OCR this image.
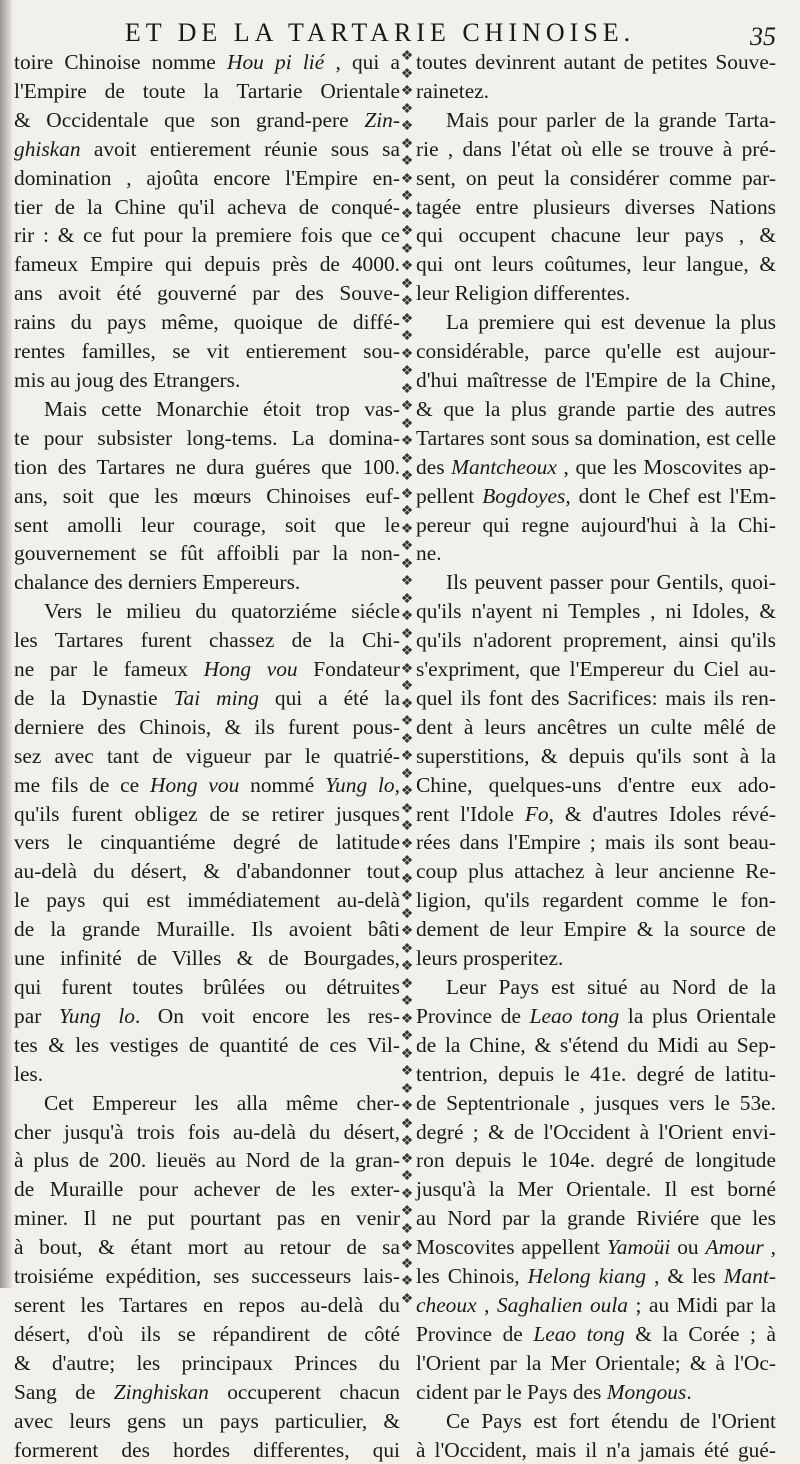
ET DE LA TARTARIE CHINOISE.	35
toire Chinoise nomme Hou pi lié , qui a
l'Empire de toute la Tartarie Orientale
& Occidentale que son grand-pere Zin-
ghiskan avoit entierement réunie sous sa
domination , ajoûta encore l'Empire en-
tier de la Chine qu'il acheva de conqué-
rir : & ce fut pour la premiere fois que ce
fameux Empire qui depuis près de 4000.
ans avoit été gouverné par des Souve-
rains du pays même, quoique de diffé-
rentes familles, se vit entierement sou-
mis au joug des Etrangers.
Mais cette Monarchie étoit trop vas-
te pour subsister long-tems. La domina-
tion des Tartares ne dura guéres que 100.
ans, soit que les mœurs Chinoises euf-
sent amolli leur courage, soit que le
gouvernement se fût affoibli par la non-
chalance des derniers Empereurs.
Vers le milieu du quatorziéme siécle
les Tartares furent chassez de la Chi-
ne par le fameux Hong vou Fondateur
de la Dynastie Tai ming qui a été la
derniere des Chinois, & ils furent pous-
sez avec tant de vigueur par le quatrié-
me fils de ce Hong vou nommé Yung lo,
qu'ils furent obligez de se retirer jusques
vers le cinquantiéme degré de latitude
au-delà du désert, & d'abandonner tout
le pays qui est immédiatement au-delà
de la grande Muraille. Ils avoient bâti
une infinité de Villes & de Bourgades,
qui furent toutes brûlées ou détruites
par Yung lo. On voit encore les res-
tes & les vestiges de quantité de ces Vil-
les.
Cet Empereur les alla même cher-
cher jusqu'à trois fois au-delà du désert,
à plus de 200. lieuës au Nord de la gran-
de Muraille pour achever de les exter-
miner. Il ne put pourtant pas en venir
à bout, & étant mort au retour de sa
troisiéme expédition, ses successeurs lais-
serent les Tartares en repos au-delà du
désert, d'où ils se répandirent de côté
& d'autre; les principaux Princes du
Sang de Zinghiskan occuperent chacun
avec leurs gens un pays particulier, &
formerent des hordes differentes, qui
❖
❖
❖
❖
❖
❖
❖
❖
❖
❖
❖
❖
❖
❖
❖
❖
❖
❖
❖
❖
❖
❖
❖
❖
❖
❖
❖
❖
❖
❖
❖
❖
❖
❖
❖
❖
❖
❖
❖
❖
❖
❖
❖
❖
❖
❖
❖
❖
❖
❖
❖
❖
❖
❖
❖
❖
❖
❖
❖
❖
❖
❖
❖
❖
❖
❖
❖
❖
❖
❖
❖
❖

toutes devinrent autant de petites Souve-
rainetez.
Mais pour parler de la grande Tarta-
rie , dans l'état où elle se trouve à pré-
sent, on peut la considérer comme par-
tagée entre plusieurs diverses Nations
qui occupent chacune leur pays , &
qui ont leurs coûtumes, leur langue, &
leur Religion differentes.
La premiere qui est devenue la plus
considérable, parce qu'elle est aujour-
d'hui maîtresse de l'Empire de la Chine,
& que la plus grande partie des autres
Tartares sont sous sa domination, est celle
des Mantcheoux , que les Moscovites ap-
pellent Bogdoyes, dont le Chef est l'Em-
pereur qui regne aujourd'hui à la Chi-
ne.
Ils peuvent passer pour Gentils, quoi-
qu'ils n'ayent ni Temples , ni Idoles, &
qu'ils n'adorent proprement, ainsi qu'ils
s'expriment, que l'Empereur du Ciel au-
quel ils font des Sacrifices: mais ils ren-
dent à leurs ancêtres un culte mêlé de
superstitions, & depuis qu'ils sont à la
Chine, quelques-uns d'entre eux ado-
rent l'Idole Fo, & d'autres Idoles révé-
rées dans l'Empire ; mais ils sont beau-
coup plus attachez à leur ancienne Re-
ligion, qu'ils regardent comme le fon-
dement de leur Empire & la source de
leurs prosperitez.
Leur Pays est situé au Nord de la
Province de Leao tong la plus Orientale
de la Chine, & s'étend du Midi au Sep-
tentrion, depuis le 41e. degré de latitu-
de Septentrionale , jusques vers le 53e.
degré ; & de l'Occident à l'Orient envi-
ron depuis le 104e. degré de longitude
jusqu'à la Mer Orientale. Il est borné
au Nord par la grande Riviére que les
Moscovites appellent Yamoüi ou Amour ,
les Chinois, Helong kiang , & les Mant-
cheoux , Saghalien oula ; au Midi par la
Province de Leao tong & la Corée ; à
l'Orient par la Mer Orientale; & à l'Oc-
cident par le Pays des Mongous.
Ce Pays est fort étendu de l'Orient
à l'Occident, mais il n'a jamais été gué-
